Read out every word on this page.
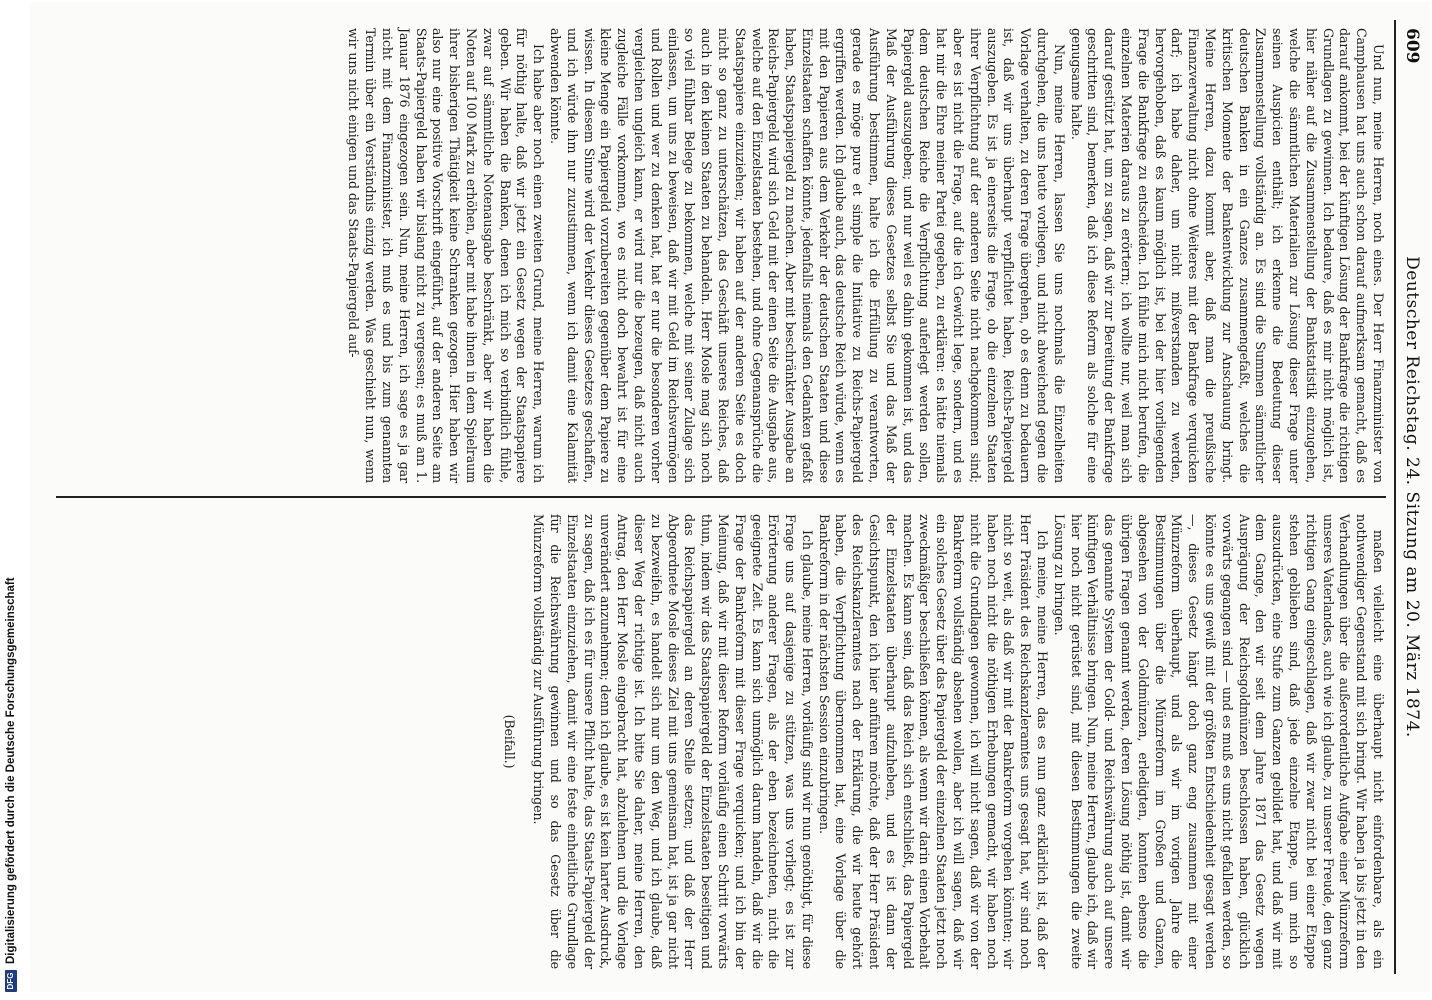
609
Deutscher Reichstag. 24. Sitzung am 20. März 1874.

Und nun, meine Herren, noch eines. Der Herr Finanzminister von Camphausen hat uns auch schon darauf aufmerksam gemacht, daß es darauf ankommt, bei der künftigen Lösung der Bankfrage die richtigen Grundlagen zu gewinnen. Ich bedaure, daß es mir nicht möglich ist, hier näher auf die Zusammenstellung der Bankstatistik einzugehen, welche die sämmtlichen Materialien zur Lösung dieser Frage unter seinen Auspicien enthält; ich erkenne die Bedeutung dieser Zusammenstellung vollständig an. Es sind die Summen sämmtlicher deutschen Banken in ein Ganzes zusammengefaßt, welches die kritischen Momente der Bankentwicklung zur Anschauung bringt. Meine Herren, dazu kommt aber, daß man die preußische Finanzverwaltung nicht ohne Weiteres mit der Bankfrage verquicken darf; ich habe daher, um nicht mißverstanden zu werden, hervorgehoben, daß es kaum möglich ist, bei der hier vorliegenden Frage die Bankfrage zu entscheiden. Ich fühle mich nicht berufen, die einzelnen Materien daraus zu erörtern; ich wollte nur, weil man sich darauf gestützt hat, um zu sagen, daß wir zur Bereitung der Bankfrage geschritten sind, bemerken, daß ich diese Reform als solche für eine genugsame halte.

Nun, meine Herren, lassen Sie uns nochmals die Einzelheiten durchgehen, die uns heute vorliegen, und nicht abweichend gegen die Vorlage verhalten, zu deren Frage übergehen, ob es denn zu bedauern ist, daß wir uns überhaupt verpflichtet haben, Reichs-Papiergeld auszugeben. Es ist ja einerseits die Frage, ob die einzelnen Staaten ihrer Verpflichtung auf der anderen Seite nicht nachgekommen sind; aber es ist nicht die Frage, auf die ich Gewicht lege, sondern, und es hat mir die Ehre meiner Partei gegeben, zu erklären: es hätte niemals dem deutschen Reiche die Verpflichtung auferlegt werden sollen, Papiergeld auszugeben; und nur weil es dahin gekommen ist, und das Maß der Ausführung dieses Gesetzes selbst Sie und das Maß der Ausführung bestimmen, halte ich die Erfüllung zu verantworten, gerade es möge pure et simple die Initiative zu Reichs-Papiergeld ergriffen werden. Ich glaube auch, das deutsche Reich würde, wenn es mit den Papieren aus dem Verkehr der deutschen Staaten und diese Einzelstaaten schaffen könnte, jedenfalls niemals den Gedanken gefaßt haben, Staatspapiergeld zu machen. Aber mit beschränkter Ausgabe an Reichs-Papiergeld wird sich Geld mit der einen Seite die Ausgabe aus, welche auf den Einzelstaaten bestehen, und ohne Gegenansprüche die Staatspapiere einzuziehen; wir haben auf der anderen Seite es doch nicht so ganz zu unterschätzen, das Geschäft unseres Reiches, daß auch in den kleinen Staaten zu behandeln. Herr Mosle mag sich noch so viel fühlbar Belege zu bekommen, welche mit seiner Zulage sich einlassen, um uns zu beweisen, daß wir mit Geld im Reichsvermögen und Rollen und wer zu denken hat, hat er nur die besonderen vorher vergleichen ungleich kann, er wird nur die bezeugen, daß nicht auch zugleiche Fälle vorkommen, wo es nicht doch bewahrt ist für eine kleine Menge ein Papiergeld vorzubereiten gegenüber dem Papiere zu wissen. In diesem Sinne wird der Verkehr dieses Gesetzes geschaffen, und ich würde ihm nur zuzustimmen, wenn ich damit eine Kalamität abwenden könnte.

Ich habe aber noch einen zweiten Grund, meine Herren, warum ich für nöthig halte, daß wir jetzt ein Gesetz wegen der Staatspapiere geben. Wir haben die Banken, denen ich mich so verbindlich fühle, zwar auf sämmtliche Notenausgabe beschränkt, aber wir haben die Noten auf 100 Mark zu erhöhen, aber mit habe ihnen in dem Spielraum ihrer bisherigen Thätigkeit keine Schranken gezogen. Hier haben wir also nur eine positive Vorschrift eingeführt, auf der anderen Seite am Staats-Papiergeld haben wir bislang nicht zu vergessen; es muß am 1. Januar 1876 eingezogen sein. Nun, meine Herren, ich sage es ja gar nicht mit dem Finanzminister, ich muß es und bis zum genannten Termin über ein Verständnis einzig werden. Was geschieht nun, wenn wir uns nicht einigen und das Staats-Papiergeld auf-

maßen vielleicht eine überhaupt nicht einfordenbare, als ein nothwendiger Gegenstand mit sich bringt. Wir haben ja bis jetzt in den Verhandlungen über die außerordentliche Aufgabe einer Münzreform unseres Vaterlandes, auch wie ich glaube, zu unserer Freude, den ganz richtigen Gang eingeschlagen, daß wir zwar nicht bei einer Etappe stehen geblieben sind, daß jede einzelne Etappe, um mich so auszudrücken, eine Stufe zum Ganzen gebildet hat, und daß wir mit dem Gange, den wir seit dem Jahre 1871 das Gesetz wegen Ausprägung der Reichsgoldmünzen beschlossen haben, glücklich vorwärts gegangen sind — und es muß es uns nicht gefallen werden, so könnte es uns gewiß mit der größten Entschiedenheit gesagt werden —, dieses Gesetz hängt doch ganz eng zusammen mit einer Münzreform überhaupt, und als wir im vorigen Jahre die Bestimmungen über die Münzreform im Großen und Ganzen, abgesehen von der Goldmünzen, erledigten, konnten ebenso die übrigen Fragen genannt werden, deren Lösung nöthig ist, damit wir das genannte System der Gold- und Reichswährung auch auf unsere künftigen Verhältnisse bringen. Nun, meine Herren, glaube ich, daß wir hier noch nicht gerüstet sind, mit diesen Bestimmungen die zweite Lösung zu bringen.

Ich meine, meine Herren, das es nun ganz erklärlich ist, daß der Herr Präsident des Reichskanzleramtes uns gesagt hat, wir sind noch nicht so weit, als daß wir mit der Bankreform vorgehen könnten; wir haben noch nicht die nöthigen Erhebungen gemacht, wir haben noch nicht die Grundlagen gewonnen, ich will nicht sagen, daß wir von der Bankreform vollständig absehen wollen, aber ich will sagen, daß wir ein solches Gesetz über das Papiergeld der einzelnen Staaten jetzt noch zweckmäßiger beschließen können, als wenn wir darin einen Vorbehalt machen. Es kann sein, daß das Reich sich entschließt, das Papiergeld der Einzelstaaten überhaupt aufzuheben, und es ist dann der Gesichtspunkt, den ich hier anführen möchte, daß der Herr Präsident des Reichskanzleramtes nach der Erklärung, die wir heute gehört haben, die Verpflichtung übernommen hat, eine Vorlage über die Bankreform in der nächsten Session einzubringen.

Ich glaube, meine Herren, vorläufig sind wir nun genöthigt, für diese Frage uns auf dasjenige zu stützen, was uns vorliegt; es ist zur Erörterung anderer Fragen, als der eben bezeichneten, nicht die geeignete Zeit. Es kann sich unmöglich darum handeln, daß wir die Frage der Bankreform mit dieser Frage verquicken; und ich bin der Meinung, daß wir mit dieser Reform vorläufig einen Schritt vorwärts thun, indem wir das Staatspapiergeld der Einzelstaaten beseitigen und das Reichspapiergeld an deren Stelle setzen; und daß der Herr Abgeordnete Mosle dieses Ziel mit uns gemeinsam hat, ist ja gar nicht zu bezweifeln, es handelt sich nur um den Weg, und ich glaube, daß dieser Weg der richtige ist. Ich bitte Sie daher, meine Herren, den Antrag, den Herr Mosle eingebracht hat, abzulehnen und die Vorlage unverändert anzunehmen; denn ich glaube, es ist kein harter Ausdruck, zu sagen, daß ich es für unsere Pflicht halte, das Staats-Papiergeld der Einzelstaaten einzuziehen, damit wir eine feste einheitliche Grundlage für die Reichswährung gewinnen und so das Gesetz über die Münzreform vollständig zur Ausführung bringen.

(Beifall.)

DFG
Digitalisierung gefördert durch die Deutsche Forschungsgemeinschaft
